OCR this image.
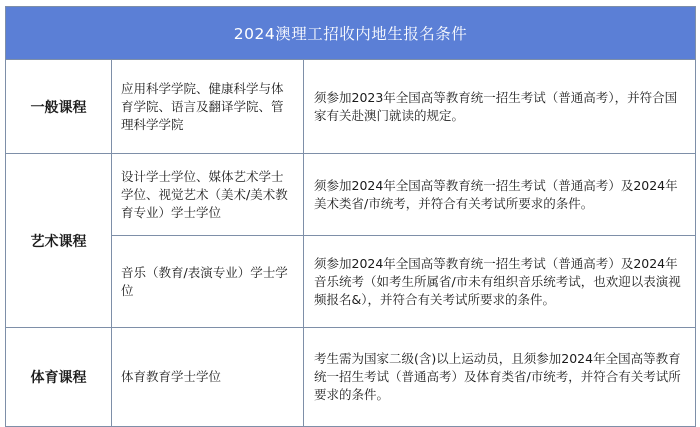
2024澳理工招收内地生报名条件		
一般课程	应用科学学院、健康科学与体育学院、语言及翻译学院、管理科学学院	须参加2023年全国高等教育统一招生考试（普通高考），并符合国家有关赴澳门就读的规定。
艺术课程	设计学士学位、媒体艺术学士学位、视觉艺术（美术/美术教育专业）学士学位	须参加2024年全国高等教育统一招生考试（普通高考）及2024年美术类省/市统考，并符合有关考试所要求的条件。
	音乐（教育/表演专业）学士学位	须参加2024年全国高等教育统一招生考试（普通高考）及2024年音乐统考（如考生所属省/市未有组织音乐统考试，也欢迎以表演视频报名&），并符合有关考试所要求的条件。
体育课程	体育教育学士学位	考生需为国家二级(含)以上运动员，且须参加2024年全国高等教育统一招生考试（普通高考）及体育类省/市统考，并符合有关考试所要求的条件。
